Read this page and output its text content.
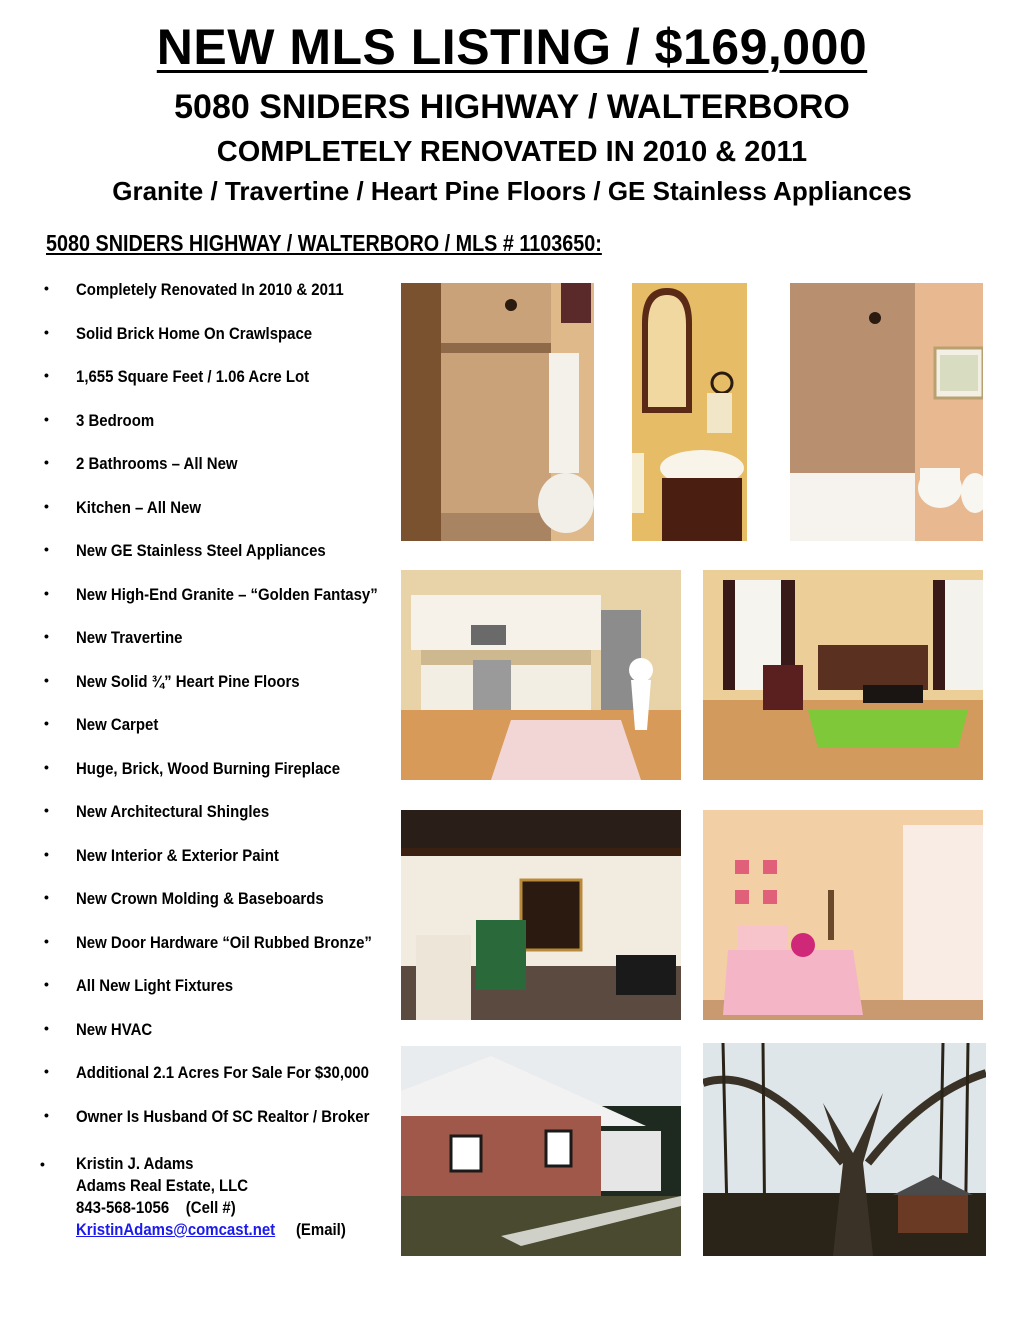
NEW MLS LISTING / $169,000
5080 SNIDERS HIGHWAY / WALTERBORO
COMPLETELY RENOVATED IN 2010 & 2011
Granite / Travertine / Heart Pine Floors / GE Stainless Appliances
5080 SNIDERS HIGHWAY / WALTERBORO / MLS # 1103650:
• Completely Renovated In 2010 & 2011
• Solid Brick Home On Crawlspace
• 1,655 Square Feet / 1.06 Acre Lot
• 3 Bedroom
• 2 Bathrooms – All New
• Kitchen – All New
• New GE Stainless Steel Appliances
• New High-End Granite – “Golden Fantasy”
• New Travertine
• New Solid ¾” Heart Pine Floors
• New Carpet
• Huge, Brick, Wood Burning Fireplace
• New Architectural Shingles
• New Interior & Exterior Paint
• New Crown Molding & Baseboards
• New Door Hardware “Oil Rubbed Bronze”
• All New Light Fixtures
• New HVAC
• Additional 2.1 Acres For Sale For $30,000
• Owner Is Husband Of SC Realtor / Broker
• Kristin J. Adams
Adams Real Estate, LLC
843-568-1056 (Cell #)
KristinAdams@comcast.net (Email)
